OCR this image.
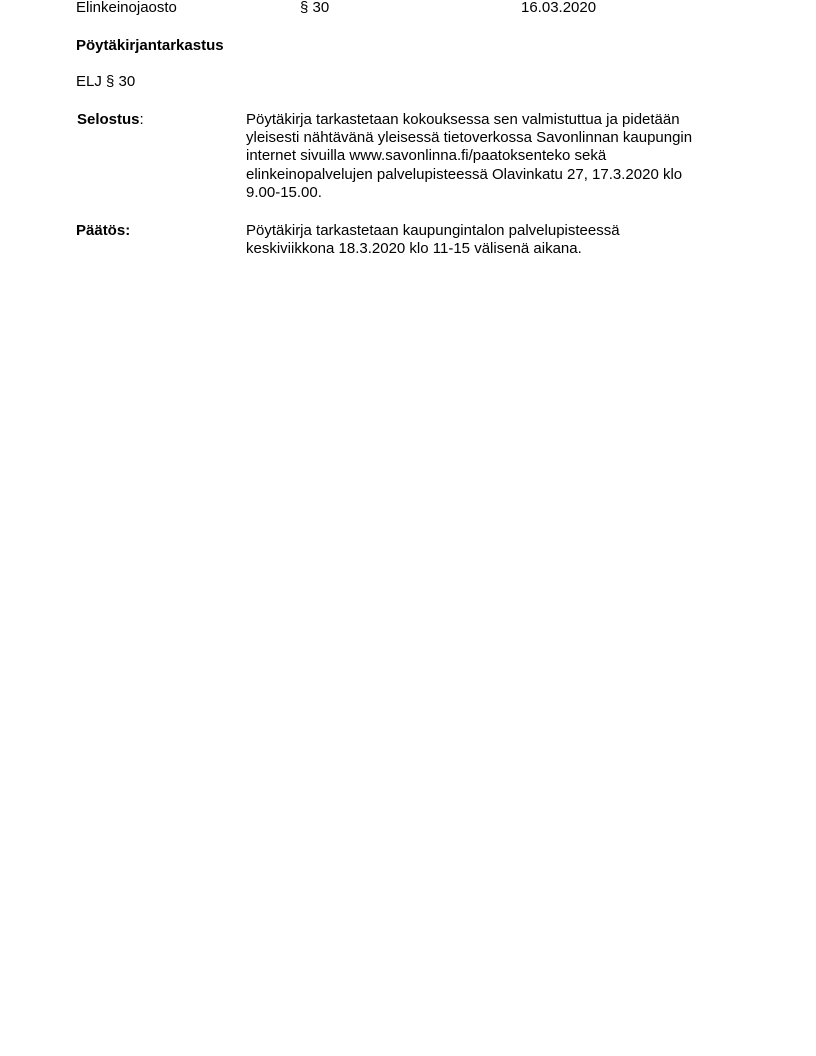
Elinkeinojaosto	§ 30	16.03.2020
Pöytäkirjantarkastus
ELJ § 30
Selostus:	Pöytäkirja tarkastetaan kokouksessa sen valmistuttua ja pidetään
yleisesti nähtävänä yleisessä tietoverkossa Savonlinnan kaupungin
internet sivuilla www.savonlinna.fi/paatoksenteko sekä
elinkeinopalvelujen palvelupisteessä Olavinkatu 27, 17.3.2020 klo
9.00-15.00.
Päätös:	Pöytäkirja tarkastetaan kaupungintalon palvelupisteessä
keskiviikkona 18.3.2020 klo 11-15 välisenä aikana.
